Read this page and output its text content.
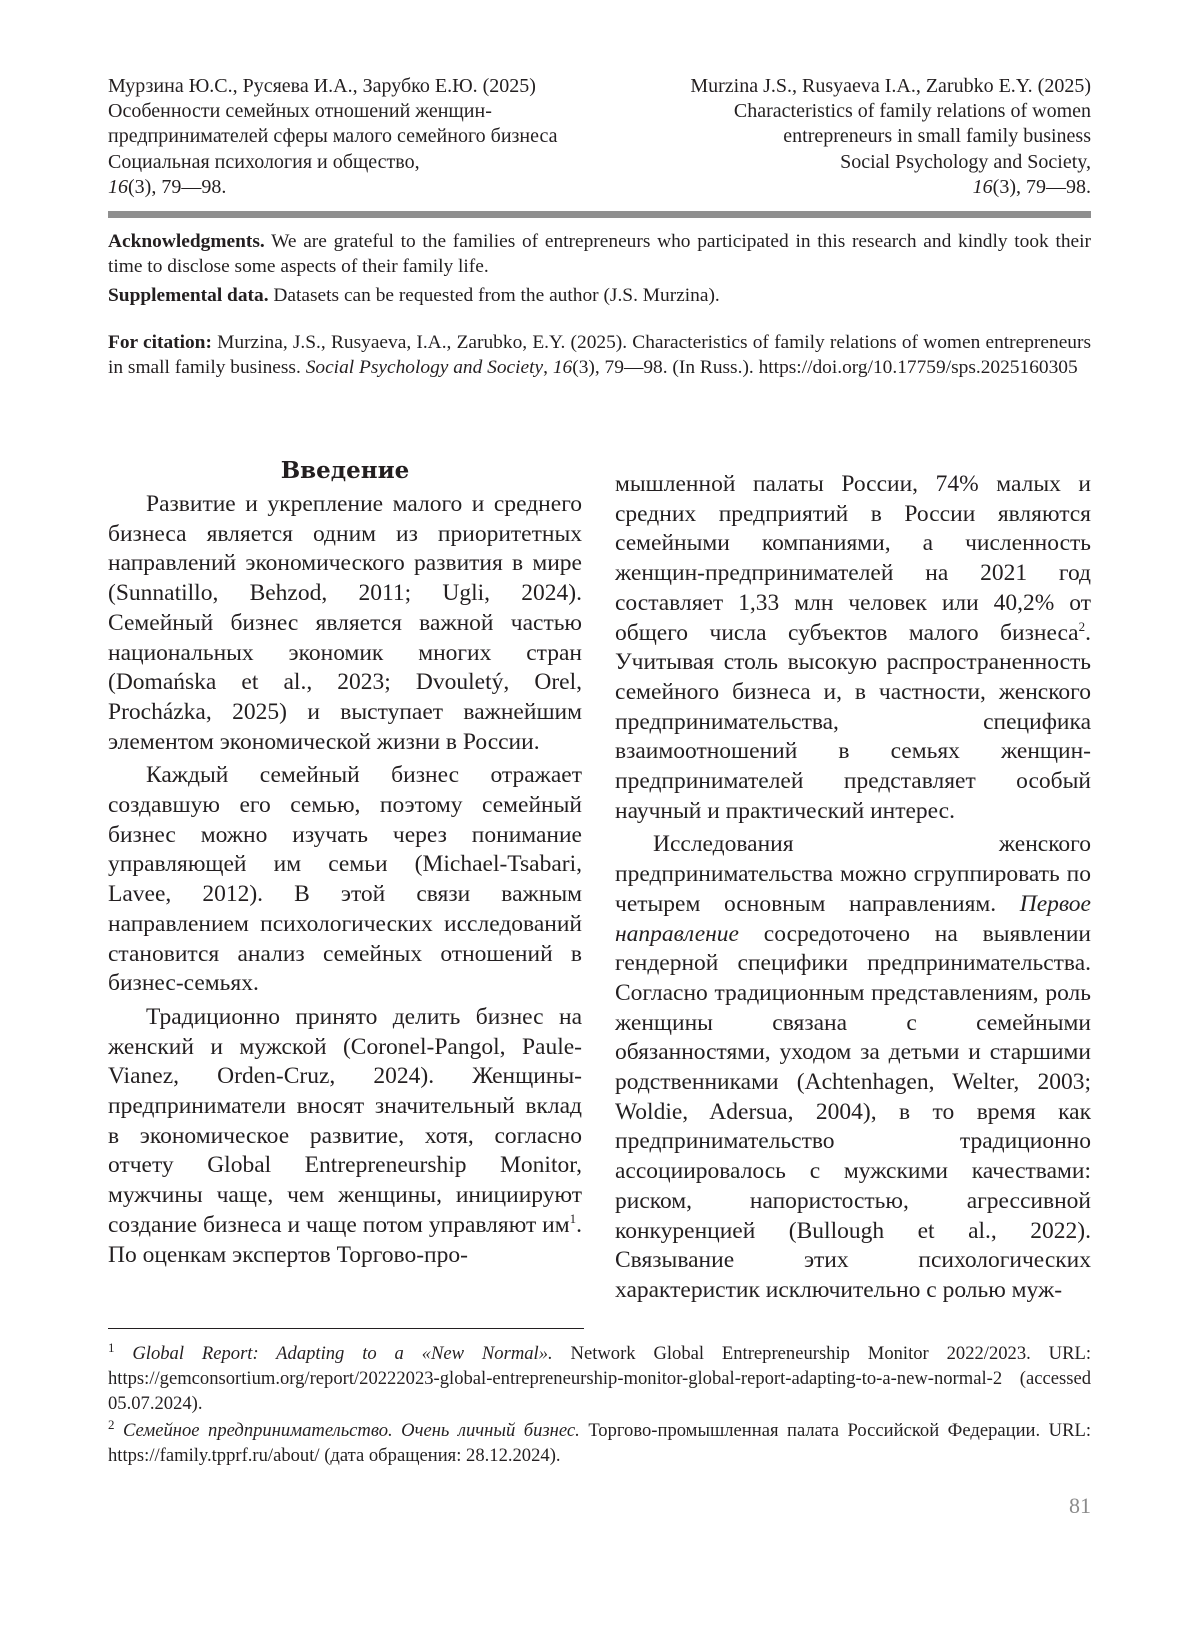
Мурзина Ю.С., Русяева И.А., Зарубко Е.Ю. (2025)
Особенности семейных отношений женщин-
предпринимателей сферы малого семейного бизнеса
Социальная психология и общество,
16(3), 79—98.
Murzina J.S., Rusyaeva I.A., Zarubko E.Y. (2025)
Characteristics of family relations of women
entrepreneurs in small family business
Social Psychology and Society,
16(3), 79—98.
Acknowledgments. We are grateful to the families of entrepreneurs who participated in this research and kindly took their time to disclose some aspects of their family life.
Supplemental data. Datasets can be requested from the author (J.S. Murzina).
For citation: Murzina, J.S., Rusyaeva, I.A., Zarubko, E.Y. (2025). Characteristics of family relations of women entrepreneurs in small family business. Social Psychology and Society, 16(3), 79—98. (In Russ.). https://doi.org/10.17759/sps.2025160305
Введение

Развитие и укрепление малого и среднего бизнеса является одним из приоритетных направлений экономического развития в мире (Sunnatillo, Behzod, 2011; Ugli, 2024). Семейный бизнес является важной частью национальных экономик многих стран (Domańska et al., 2023; Dvouletý, Orel, Procházka, 2025) и выступает важнейшим элементом экономической жизни в России.

Каждый семейный бизнес отражает создавшую его семью, поэтому семейный бизнес можно изучать через понимание управляющей им семьи (Michael-Tsabari, Lavee, 2012). В этой связи важным направлением психологических исследований становится анализ семейных отношений в бизнес-семьях.

Традиционно принято делить бизнес на женский и мужской (Coronel-Pangol, Paule-Vianez, Orden-Cruz, 2024). Женщины-предприниматели вносят значительный вклад в экономическое развитие, хотя, согласно отчету Global Entrepreneurship Monitor, мужчины чаще, чем женщины, инициируют создание бизнеса и чаще потом управляют $им^1$. По оценкам экспертов Торгово-про-

мышленной палаты России, 74% малых и средних предприятий в России являются семейными компаниями, а численность женщин-предпринимателей на 2021 год составляет 1,33 млн человек или 40,2% от общего числа субъектов малого бизнеса$^2$. Учитывая столь высокую распространенность семейного бизнеса и, в частности, женского предпринимательства, специфика взаимоотношений в семьях женщин-предпринимателей представляет особый научный и практический интерес.

Исследования женского предпринимательства можно сгруппировать по четырем основным направлениям. Первое направление сосредоточено на выявлении гендерной специфики предпринимательства. Согласно традиционным представлениям, роль женщины связана с семейными обязанностями, уходом за детьми и старшими родственниками (Achtenhagen, Welter, 2003; Woldie, Adersua, 2004), в то время как предпринимательство традиционно ассоциировалось с мужскими качествами: риском, напористостью, агрессивной конкуренцией (Bullough et al., 2022). Связывание этих психологических характеристик исключительно с ролью муж-

$^1$ Global Report: Adapting to a «New Normal». Network Global Entrepreneurship Monitor 2022/2023. URL: https://gemconsortium.org/report/20222023-global-entrepreneurship-monitor-global-report-adapting-to-a-new-normal-2 (accessed 05.07.2024).
$^2$ Семейное предпринимательство. Очень личный бизнес. Торгово-промышленная палата Российской Федерации. URL: https://family.tpprf.ru/about/ (дата обращения: 28.12.2024).
81
